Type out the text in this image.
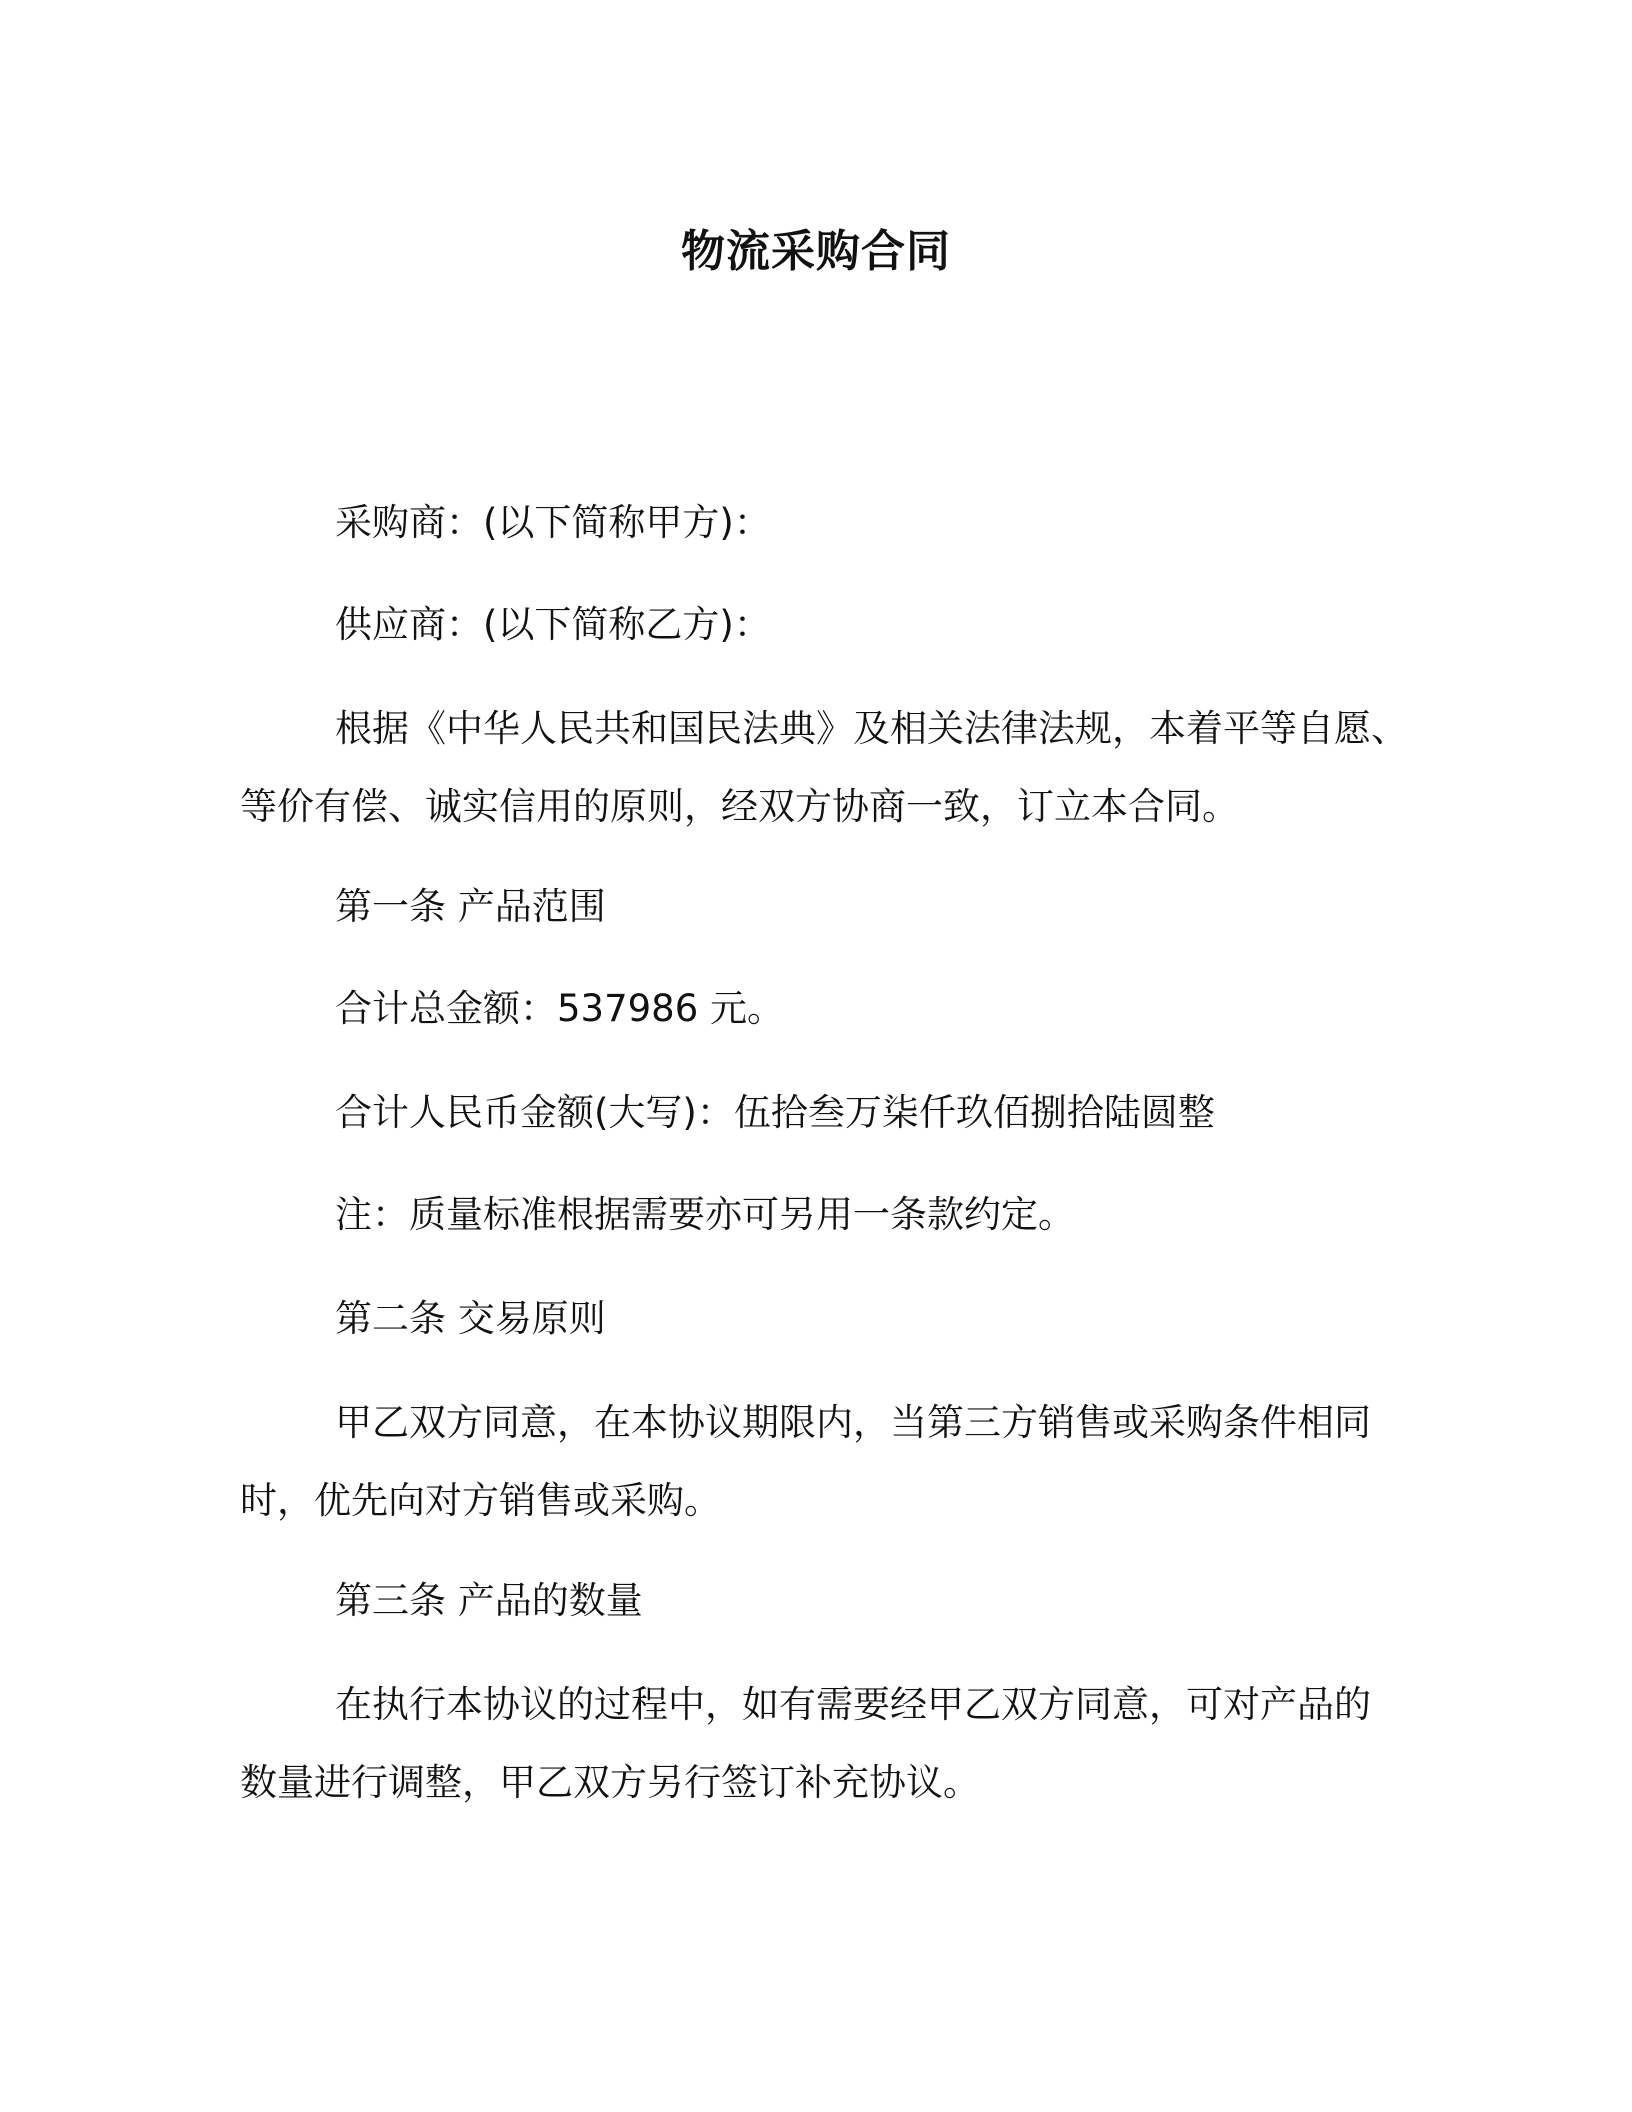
物流采购合同

采购商：(以下简称甲方)：

供应商：(以下简称乙方)：

根据《中华人民共和国民法典》及相关法律法规，本着平等自愿、

等价有偿、诚实信用的原则，经双方协商一致，订立本合同。

第一条 产品范围

合计总金额：537986 元。

合计人民币金额(大写)：伍拾叁万柒仟玖佰捌拾陆圆整

注：质量标准根据需要亦可另用一条款约定。

第二条 交易原则

甲乙双方同意，在本协议期限内，当第三方销售或采购条件相同

时，优先向对方销售或采购。

第三条 产品的数量

在执行本协议的过程中，如有需要经甲乙双方同意，可对产品的

数量进行调整，甲乙双方另行签订补充协议。
